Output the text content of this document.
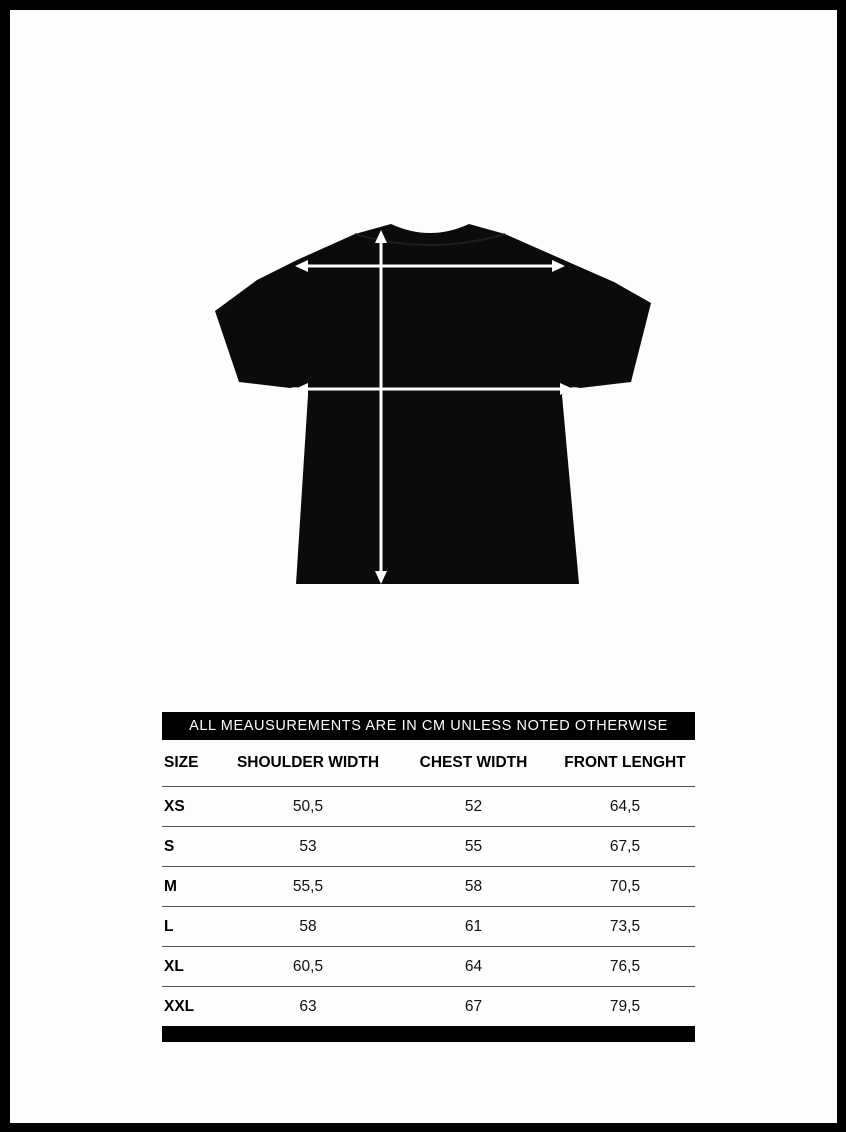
ALL MEAUSUREMENTS ARE IN CM UNLESS NOTED OTHERWISE
SIZE	SHOULDER WIDTH	CHEST WIDTH	FRONT LENGHT
XS	50,5	52	64,5
S	53	55	67,5
M	55,5	58	70,5
L	58	61	73,5
XL	60,5	64	76,5
XXL	63	67	79,5
